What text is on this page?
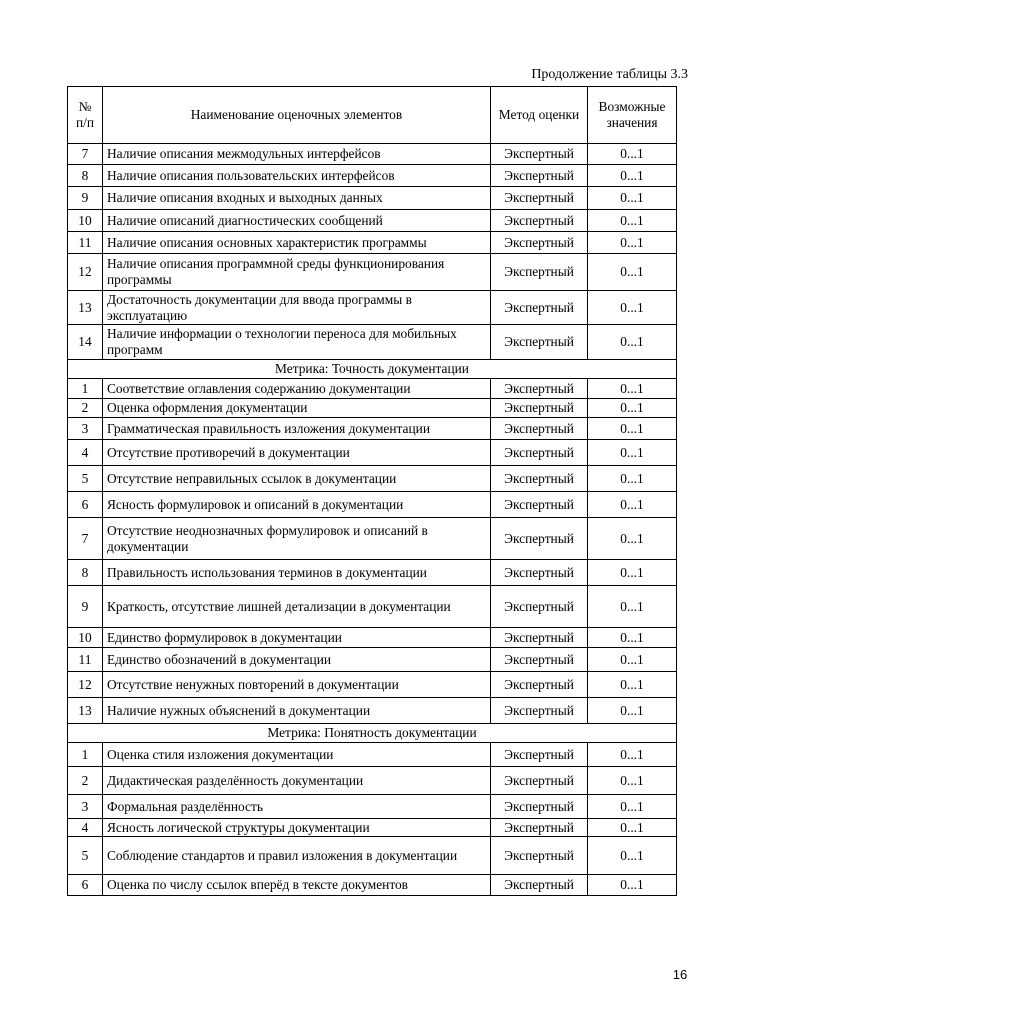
Продолжение таблицы 3.3
№ п/п	Наименование оценочных элементов	Метод оценки	Возможные значения
7	Наличие описания межмодульных интерфейсов	Экспертный	0...1
8	Наличие описания пользовательских интерфейсов	Экспертный	0...1
9	Наличие описания входных и выходных данных	Экспертный	0...1
10	Наличие описаний диагностических сообщений	Экспертный	0...1
11	Наличие описания основных характеристик программы	Экспертный	0...1
12	Наличие описания программной среды функционирования программы	Экспертный	0...1
13	Достаточность документации для ввода программы в эксплуатацию	Экспертный	0...1
14	Наличие информации о технологии переноса для мобильных программ	Экспертный	0...1
Метрика: Точность документации			
1	Соответствие оглавления содержанию документации	Экспертный	0...1
2	Оценка оформления документации	Экспертный	0...1
3	Грамматическая правильность изложения документации	Экспертный	0...1
4	Отсутствие противоречий в документации	Экспертный	0...1
5	Отсутствие неправильных ссылок в документации	Экспертный	0...1
6	Ясность формулировок и описаний в документации	Экспертный	0...1
7	Отсутствие неоднозначных формулировок и описаний в документации	Экспертный	0...1
8	Правильность использования терминов в документации	Экспертный	0...1
9	Краткость, отсутствие лишней детализации в документации	Экспертный	0...1
10	Единство формулировок в документации	Экспертный	0...1
11	Единство обозначений в документации	Экспертный	0...1
12	Отсутствие ненужных повторений в документации	Экспертный	0...1
13	Наличие нужных объяснений в документации	Экспертный	0...1
Метрика: Понятность документации			
1	Оценка стиля изложения документации	Экспертный	0...1
2	Дидактическая разделённость документации	Экспертный	0...1
3	Формальная разделённость	Экспертный	0...1
4	Ясность логической структуры документации	Экспертный	0...1
5	Соблюдение стандартов и правил изложения в документации	Экспертный	0...1
6	Оценка по числу ссылок вперёд в тексте документов	Экспертный	0...1
16
